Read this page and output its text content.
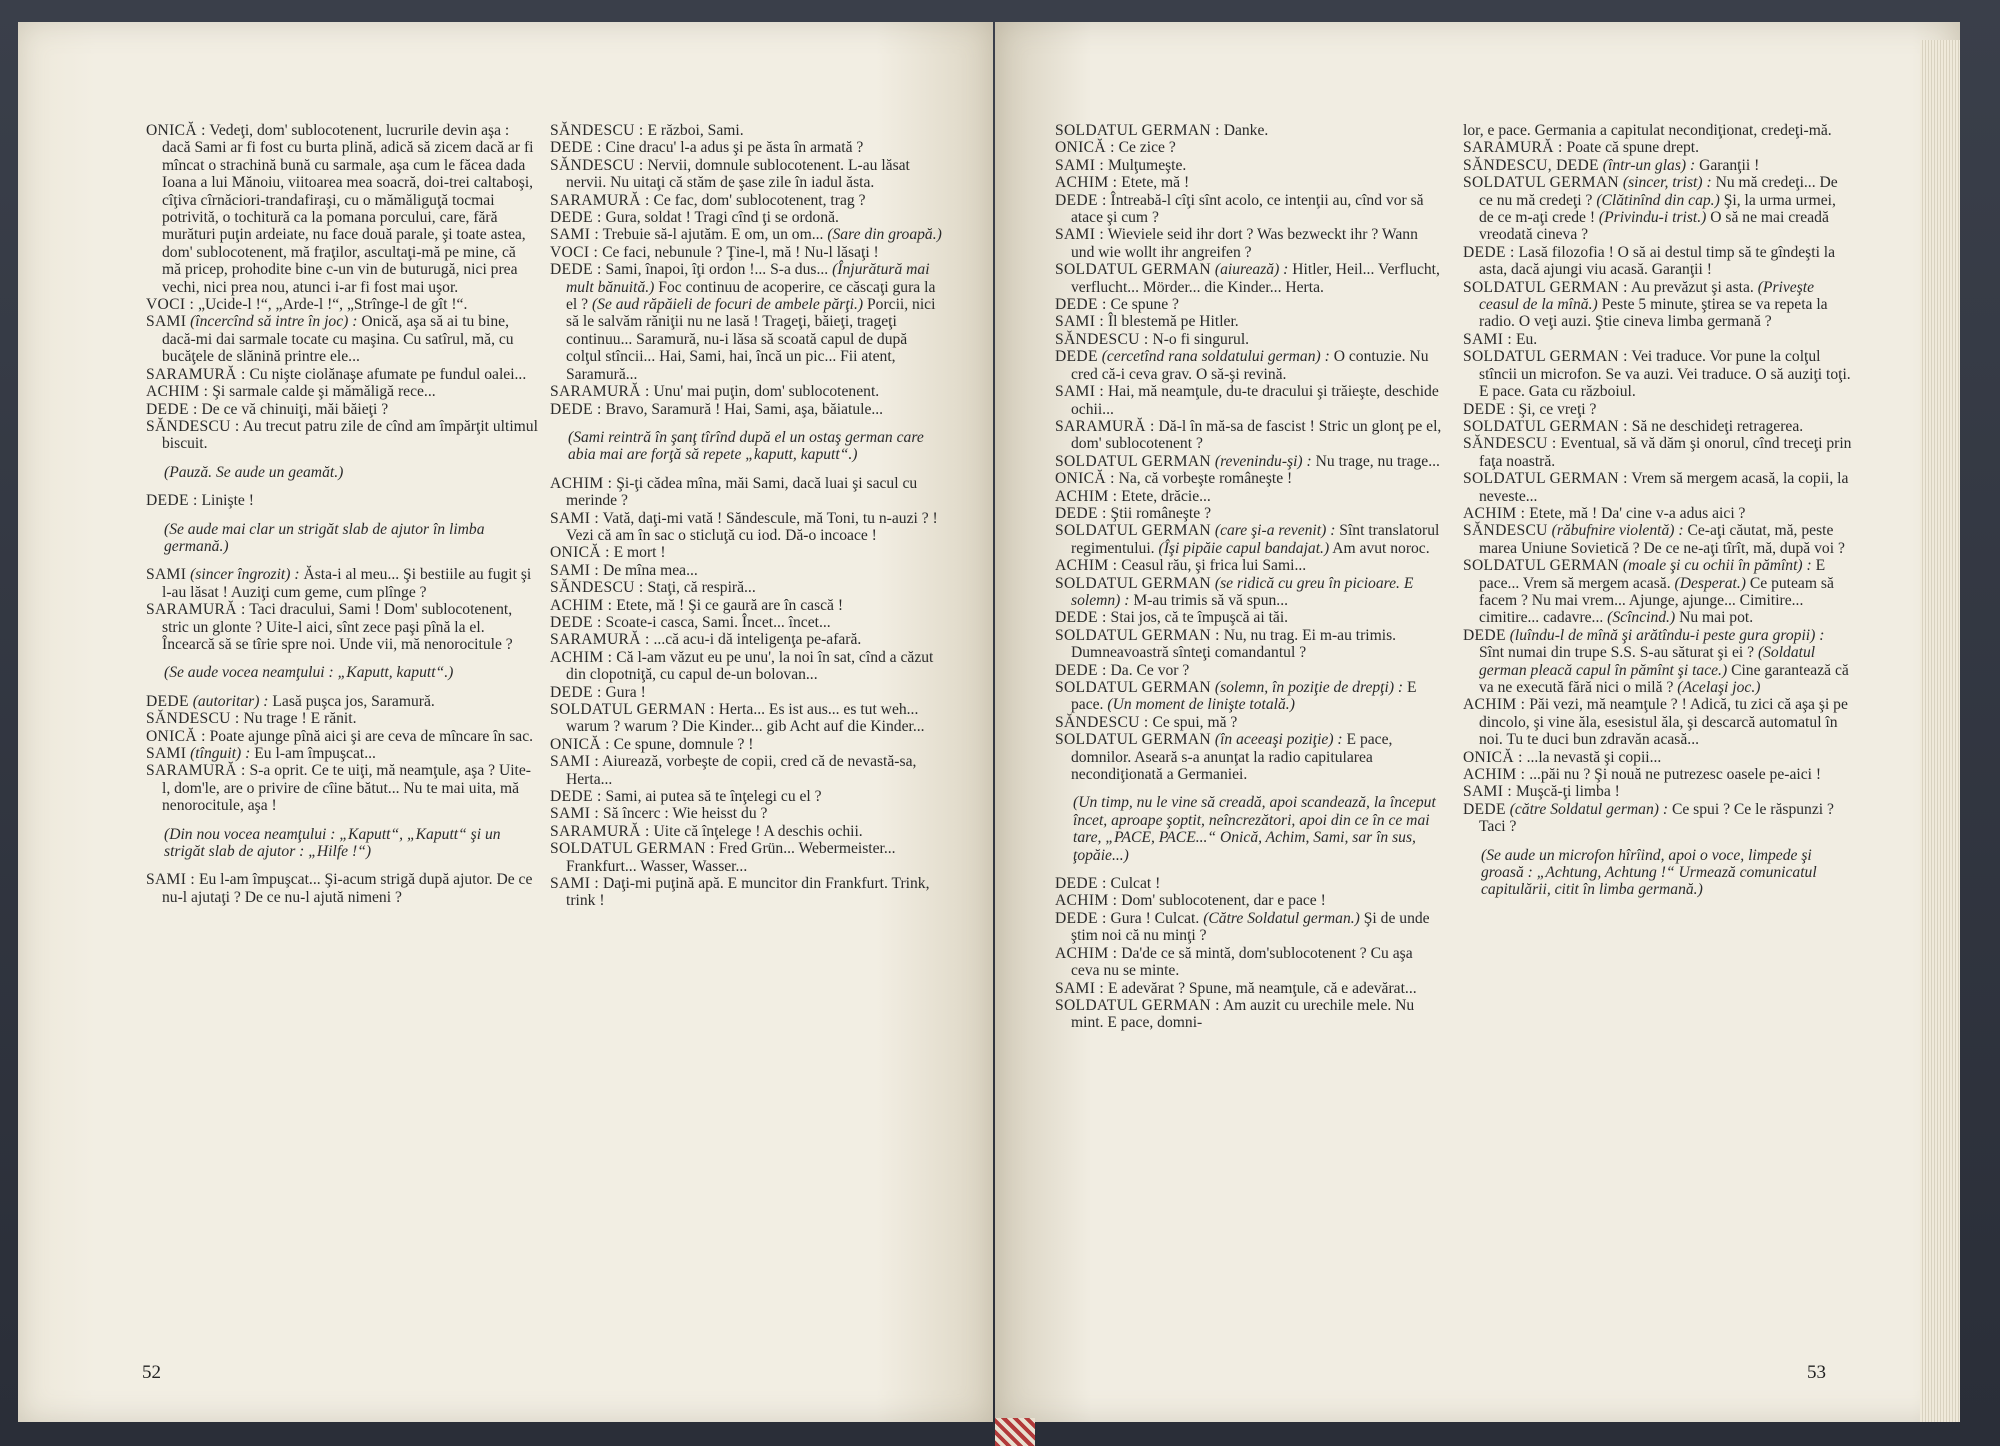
ONICĂ : Vedeţi, dom' sublocotenent, lucrurile devin aşa : dacă Sami ar fi fost cu burta plină, adică să zicem dacă ar fi mîncat o strachină bună cu sarmale, aşa cum le făcea dada Ioana a lui Mănoiu, viitoarea mea soacră, doi-trei caltaboşi, cîţiva cîrnăciori-trandafiraşi, cu o mămăliguţă tocmai potrivită, o tochitură ca la pomana porcului, care, fără murături puţin ardeiate, nu face două parale, şi toate astea, dom' sublocotenent, mă fraţilor, ascultaţi-mă pe mine, că mă pricep, prohodite bine c-un vin de buturugă, nici prea vechi, nici prea nou, atunci i-ar fi fost mai uşor.

VOCI : „Ucide-l !“, „Arde-l !“, „Strînge-l de gît !“.

SAMI (încercînd să intre în joc) : Onică, aşa să ai tu bine, dacă-mi dai sarmale tocate cu maşina. Cu satîrul, mă, cu bucăţele de slănină printre ele...

SARAMURĂ : Cu nişte ciolănaşe afumate pe fundul oalei...

ACHIM : Şi sarmale calde şi mămăligă rece...

DEDE : De ce vă chinuiţi, măi băieţi ?

SĂNDESCU : Au trecut patru zile de cînd am împărţit ultimul biscuit.

(Pauză. Se aude un geamăt.)

DEDE : Linişte !

(Se aude mai clar un strigăt slab de ajutor în limba germană.)

SAMI (sincer îngrozit) : Ăsta-i al meu... Şi bestiile au fugit şi l-au lăsat ! Auziţi cum geme, cum plînge ?

SARAMURĂ : Taci dracului, Sami ! Dom' sublocotenent, stric un glonte ? Uite-l aici, sînt zece paşi pînă la el. Încearcă să se tîrie spre noi. Unde vii, mă nenorocitule ?

(Se aude vocea neamţului : „Kaputt, kaputt“.)

DEDE (autoritar) : Lasă puşca jos, Saramură.

SĂNDESCU : Nu trage ! E rănit.

ONICĂ : Poate ajunge pînă aici şi are ceva de mîncare în sac.

SAMI (tînguit) : Eu l-am împuşcat...

SARAMURĂ : S-a oprit. Ce te uiţi, mă neamţule, aşa ? Uite-l, dom'le, are o privire de cîine bătut... Nu te mai uita, mă nenorocitule, aşa !

(Din nou vocea neamţului : „Kaputt“, „Kaputt“ şi un strigăt slab de ajutor : „Hilfe !“)

SAMI : Eu l-am împuşcat... Şi-acum strigă după ajutor. De ce nu-l ajutaţi ? De ce nu-l ajută nimeni ?

SĂNDESCU : E război, Sami.

DEDE : Cine dracu' l-a adus şi pe ăsta în armată ?

SĂNDESCU : Nervii, domnule sublocotenent. L-au lăsat nervii. Nu uitaţi că stăm de şase zile în iadul ăsta.

SARAMURĂ : Ce fac, dom' sublocotenent, trag ?

DEDE : Gura, soldat ! Tragi cînd ţi se ordonă.

SAMI : Trebuie să-l ajutăm. E om, un om... (Sare din groapă.)

VOCI : Ce faci, nebunule ? Ţine-l, mă ! Nu-l lăsaţi !

DEDE : Sami, înapoi, îţi ordon !... S-a dus... (Înjurătură mai mult bănuită.) Foc continuu de acoperire, ce căscaţi gura la el ? (Se aud răpăieli de focuri de ambele părţi.) Porcii, nici să le salvăm răniţii nu ne lasă ! Trageţi, băieţi, trageţi continuu... Saramură, nu-i lăsa să scoată capul de după colţul stîncii... Hai, Sami, hai, încă un pic... Fii atent, Saramură...

SARAMURĂ : Unu' mai puţin, dom' sublocotenent.

DEDE : Bravo, Saramură ! Hai, Sami, aşa, băiatule...

(Sami reintră în şanţ tîrînd după el un ostaş german care abia mai are forţă să repete „kaputt, kaputt“.)

ACHIM : Şi-ţi cădea mîna, măi Sami, dacă luai şi sacul cu merinde ?

SAMI : Vată, daţi-mi vată ! Săndescule, mă Toni, tu n-auzi ? ! Vezi că am în sac o sticluţă cu iod. Dă-o incoace !

ONICĂ : E mort !

SAMI : De mîna mea...

SĂNDESCU : Staţi, că respiră...

ACHIM : Etete, mă ! Şi ce gaură are în cască !

DEDE : Scoate-i casca, Sami. Încet... încet...

SARAMURĂ : ...că acu-i dă inteligenţa pe-afară.

ACHIM : Că l-am văzut eu pe unu', la noi în sat, cînd a căzut din clopotniţă, cu capul de-un bolovan...

DEDE : Gura !

SOLDATUL GERMAN : Herta... Es ist aus... es tut weh... warum ? warum ? Die Kinder... gib Acht auf die Kinder...

ONICĂ : Ce spune, domnule ? !

SAMI : Aiurează, vorbeşte de copii, cred că de nevastă-sa, Herta...

DEDE : Sami, ai putea să te înţelegi cu el ?

SAMI : Să încerc : Wie heisst du ?

SARAMURĂ : Uite că înţelege ! A deschis ochii.

SOLDATUL GERMAN : Fred Grün... Webermeister... Frankfurt... Wasser, Wasser...

SAMI : Daţi-mi puţină apă. E muncitor din Frankfurt. Trink, trink !

52

SOLDATUL GERMAN : Danke.

ONICĂ : Ce zice ?

SAMI : Mulţumeşte.

ACHIM : Etete, mă !

DEDE : Întreabă-l cîţi sînt acolo, ce intenţii au, cînd vor să atace şi cum ?

SAMI : Wieviele seid ihr dort ? Was bezweckt ihr ? Wann und wie wollt ihr angreifen ?

SOLDATUL GERMAN (aiurează) : Hitler, Heil... Verflucht, verflucht... Mörder... die Kinder... Herta.

DEDE : Ce spune ?

SAMI : Îl blestemă pe Hitler.

SĂNDESCU : N-o fi singurul.

DEDE (cercetînd rana soldatului german) : O contuzie. Nu cred că-i ceva grav. O să-şi revină.

SAMI : Hai, mă neamţule, du-te dracului şi trăieşte, deschide ochii...

SARAMURĂ : Dă-l în mă-sa de fascist ! Stric un glonţ pe el, dom' sublocotenent ?

SOLDATUL GERMAN (revenindu-şi) : Nu trage, nu trage...

ONICĂ : Na, că vorbeşte româneşte !

ACHIM : Etete, drăcie...

DEDE : Ştii româneşte ?

SOLDATUL GERMAN (care şi-a revenit) : Sînt translatorul regimentului. (Îşi pipăie capul bandajat.) Am avut noroc.

ACHIM : Ceasul rău, şi frica lui Sami...

SOLDATUL GERMAN (se ridică cu greu în picioare. E solemn) : M-au trimis să vă spun...

DEDE : Stai jos, că te împuşcă ai tăi.

SOLDATUL GERMAN : Nu, nu trag. Ei m-au trimis. Dumneavoastră sînteţi comandantul ?

DEDE : Da. Ce vor ?

SOLDATUL GERMAN (solemn, în poziţie de drepţi) : E pace. (Un moment de linişte totală.)

SĂNDESCU : Ce spui, mă ?

SOLDATUL GERMAN (în aceeaşi poziţie) : E pace, domnilor. Aseară s-a anunţat la radio capitularea necondiţionată a Germaniei.

(Un timp, nu le vine să creadă, apoi scandează, la început încet, aproape şoptit, neîncrezători, apoi din ce în ce mai tare, „PACE, PACE...“ Onică, Achim, Sami, sar în sus, ţopăie...)

DEDE : Culcat !

ACHIM : Dom' sublocotenent, dar e pace !

DEDE : Gura ! Culcat. (Către Soldatul german.) Şi de unde ştim noi că nu minţi ?

ACHIM : Da'de ce să mintă, dom'sublocotenent ? Cu aşa ceva nu se minte.

SAMI : E adevărat ? Spune, mă neamţule, că e adevărat...

SOLDATUL GERMAN : Am auzit cu urechile mele. Nu mint. E pace, domni-

lor, e pace. Germania a capitulat necondiţionat, credeţi-mă.

SARAMURĂ : Poate că spune drept.

SĂNDESCU, DEDE (într-un glas) : Garanţii !

SOLDATUL GERMAN (sincer, trist) : Nu mă credeţi... De ce nu mă credeţi ? (Clătinînd din cap.) Şi, la urma urmei, de ce m-aţi crede ! (Privindu-i trist.) O să ne mai creadă vreodată cineva ?

DEDE : Lasă filozofia ! O să ai destul timp să te gîndeşti la asta, dacă ajungi viu acasă. Garanţii !

SOLDATUL GERMAN : Au prevăzut şi asta. (Priveşte ceasul de la mînă.) Peste 5 minute, ştirea se va repeta la radio. O veţi auzi. Ştie cineva limba germană ?

SAMI : Eu.

SOLDATUL GERMAN : Vei traduce. Vor pune la colţul stîncii un microfon. Se va auzi. Vei traduce. O să auziţi toţi. E pace. Gata cu războiul.

DEDE : Şi, ce vreţi ?

SOLDATUL GERMAN : Să ne deschideţi retragerea.

SĂNDESCU : Eventual, să vă dăm şi onorul, cînd treceţi prin faţa noastră.

SOLDATUL GERMAN : Vrem să mergem acasă, la copii, la neveste...

ACHIM : Etete, mă ! Da' cine v-a adus aici ?

SĂNDESCU (răbufnire violentă) : Ce-aţi căutat, mă, peste marea Uniune Sovietică ? De ce ne-aţi tîrît, mă, după voi ?

SOLDATUL GERMAN (moale şi cu ochii în pămînt) : E pace... Vrem să mergem acasă. (Desperat.) Ce puteam să facem ? Nu mai vrem... Ajunge, ajunge... Cimitire... cimitire... cadavre... (Scîncind.) Nu mai pot.

DEDE (luîndu-l de mînă şi arătîndu-i peste gura gropii) : Sînt numai din trupe S.S. S-au săturat şi ei ? (Soldatul german pleacă capul în pămînt şi tace.) Cine garantează că va ne execută fără nici o milă ? (Acelaşi joc.)

ACHIM : Păi vezi, mă neamţule ? ! Adică, tu zici că aşa şi pe dincolo, şi vine ăla, esesistul ăla, şi descarcă automatul în noi. Tu te duci bun zdravăn acasă...

ONICĂ : ...la nevastă şi copii...

ACHIM : ...păi nu ? Şi nouă ne putrezesc oasele pe-aici !

SAMI : Muşcă-ţi limba !

DEDE (către Soldatul german) : Ce spui ? Ce le răspunzi ? Taci ?

(Se aude un microfon hîrîind, apoi o voce, limpede şi groasă : „Achtung, Achtung !“ Urmează comunicatul capitulării, citit în limba germană.)

53
